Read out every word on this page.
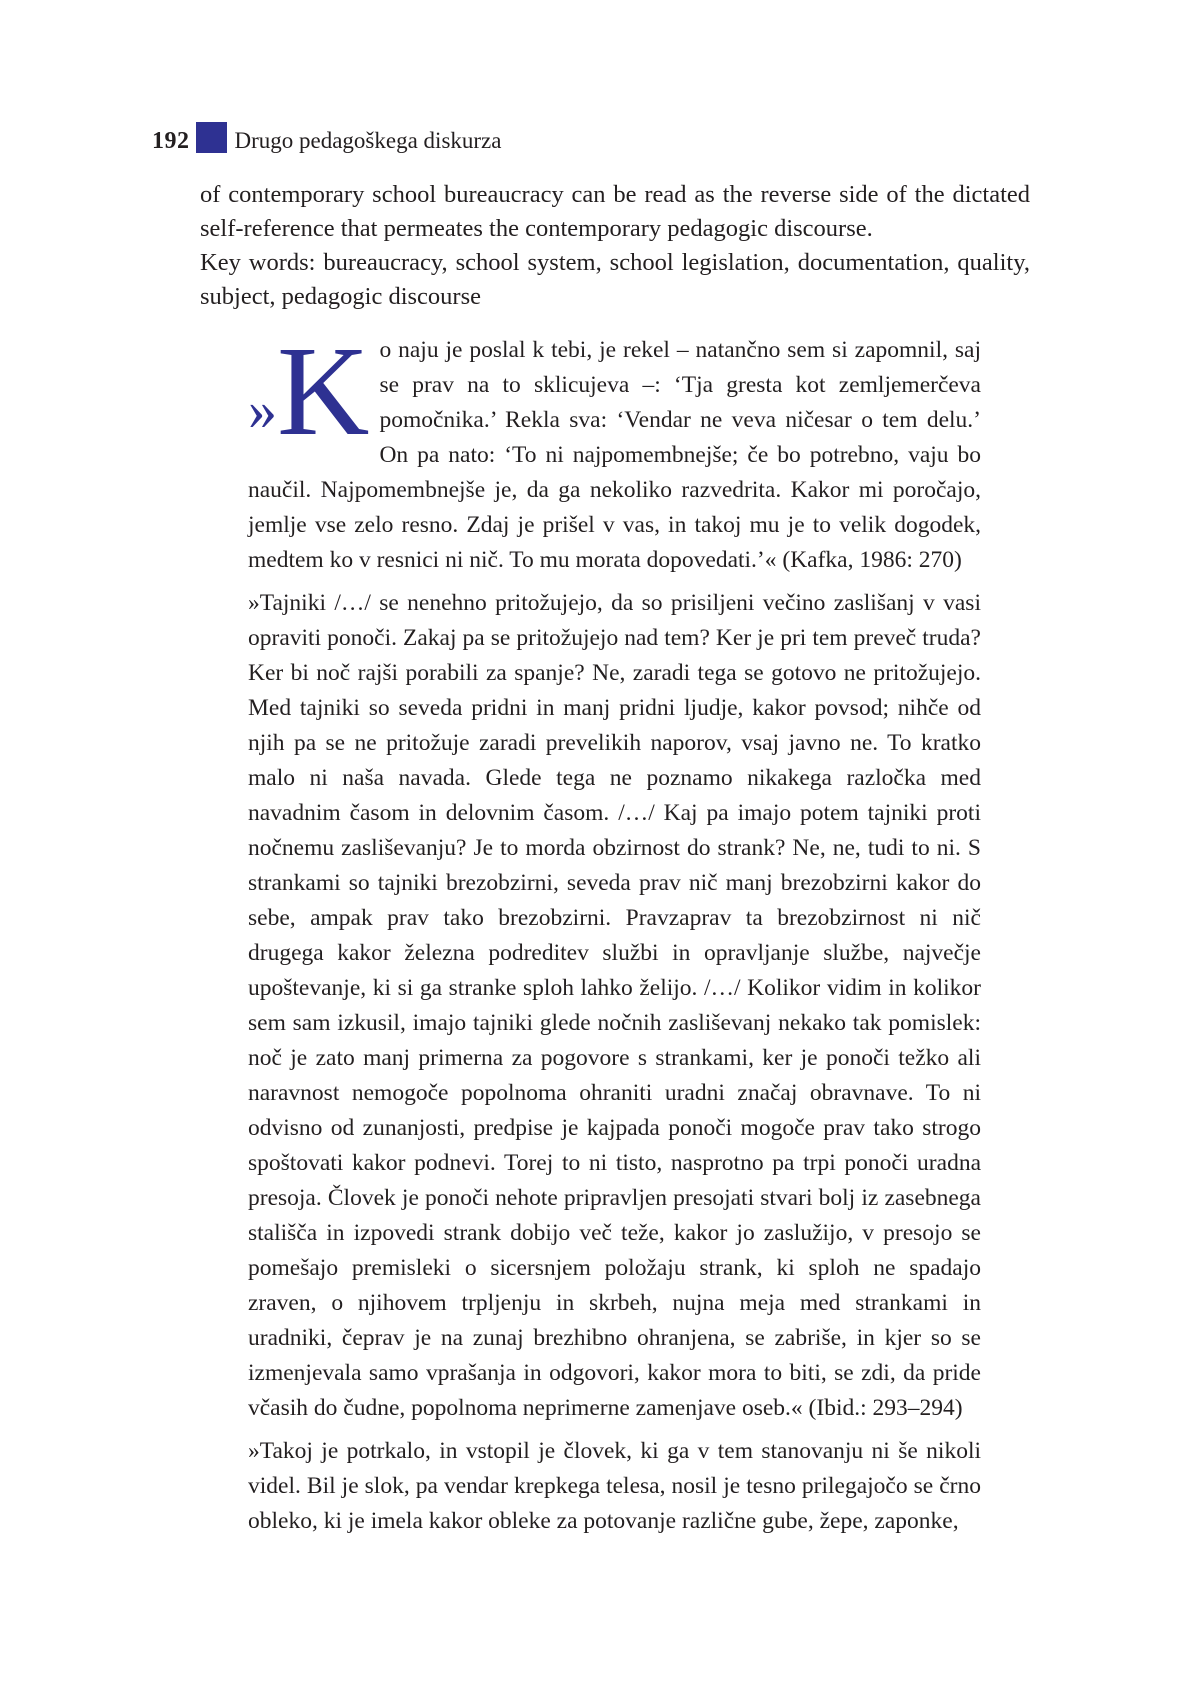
192 Drugo pedagoškega diskurza

of contemporary school bureaucracy can be read as the reverse side of the dictated self-reference that permeates the contemporary pedagogic discourse.

Key words: bureaucracy, school system, school legislation, documentation, quality, subject, pedagogic discourse

» K o naju je poslal k tebi, je rekel – natančno sem si zapomnil, saj se prav na to sklicujeva –: ‘Tja gresta kot zemljemerčeva pomočnika.’ Rekla sva: ‘Vendar ne veva ničesar o tem delu.’ On pa nato: ‘To ni najpomembnejše; če bo potrebno, vaju bo naučil. Najpomembnejše je, da ga nekoliko razvedrita. Kakor mi poročajo, jemlje vse zelo resno. Zdaj je prišel v vas, in takoj mu je to velik dogodek, medtem ko v resnici ni nič. To mu morata dopovedati.’« (Kafka, 1986: 270)

»Tajniki /…/ se nenehno pritožujejo, da so prisiljeni večino zaslišanj v vasi opraviti ponoči. Zakaj pa se pritožujejo nad tem? Ker je pri tem preveč truda? Ker bi noč rajši porabili za spanje? Ne, zaradi tega se gotovo ne pritožujejo. Med tajniki so seveda pridni in manj pridni ljudje, kakor povsod; nihče od njih pa se ne pritožuje zaradi prevelikih naporov, vsaj javno ne. To kratko malo ni naša navada. Glede tega ne poznamo nikakega razločka med navadnim časom in delovnim časom. /…/ Kaj pa imajo potem tajniki proti nočnemu zasliševanju? Je to morda obzirnost do strank? Ne, ne, tudi to ni. S strankami so tajniki brezobzirni, seveda prav nič manj brezobzirni kakor do sebe, ampak prav tako brezobzirni. Pravzaprav ta brezobzirnost ni nič drugega kakor železna podreditev službi in opravljanje službe, največje upoštevanje, ki si ga stranke sploh lahko želijo. /…/ Kolikor vidim in kolikor sem sam izkusil, imajo tajniki glede nočnih zasliševanj nekako tak pomislek: noč je zato manj primerna za pogovore s strankami, ker je ponoči težko ali naravnost nemogoče popolnoma ohraniti uradni značaj obravnave. To ni odvisno od zunanjosti, predpise je kajpada ponoči mogoče prav tako strogo spoštovati kakor podnevi. Torej to ni tisto, nasprotno pa trpi ponoči uradna presoja. Človek je ponoči nehote pripravljen presojati stvari bolj iz zasebnega stališča in izpovedi strank dobijo več teže, kakor jo zaslužijo, v presojo se pomešajo premisleki o sicersnjem položaju strank, ki sploh ne spadajo zraven, o njihovem trpljenju in skrbeh, nujna meja med strankami in uradniki, čeprav je na zunaj brezhibno ohranjena, se zabriše, in kjer so se izmenjevala samo vprašanja in odgovori, kakor mora to biti, se zdi, da pride včasih do čudne, popolnoma neprimerne zamenjave oseb.« (Ibid.: 293–294)

»Takoj je potrkalo, in vstopil je človek, ki ga v tem stanovanju ni še nikoli videl. Bil je slok, pa vendar krepkega telesa, nosil je tesno prilegajočo se črno obleko, ki je imela kakor obleke za potovanje različne gube, žepe, zaponke,
